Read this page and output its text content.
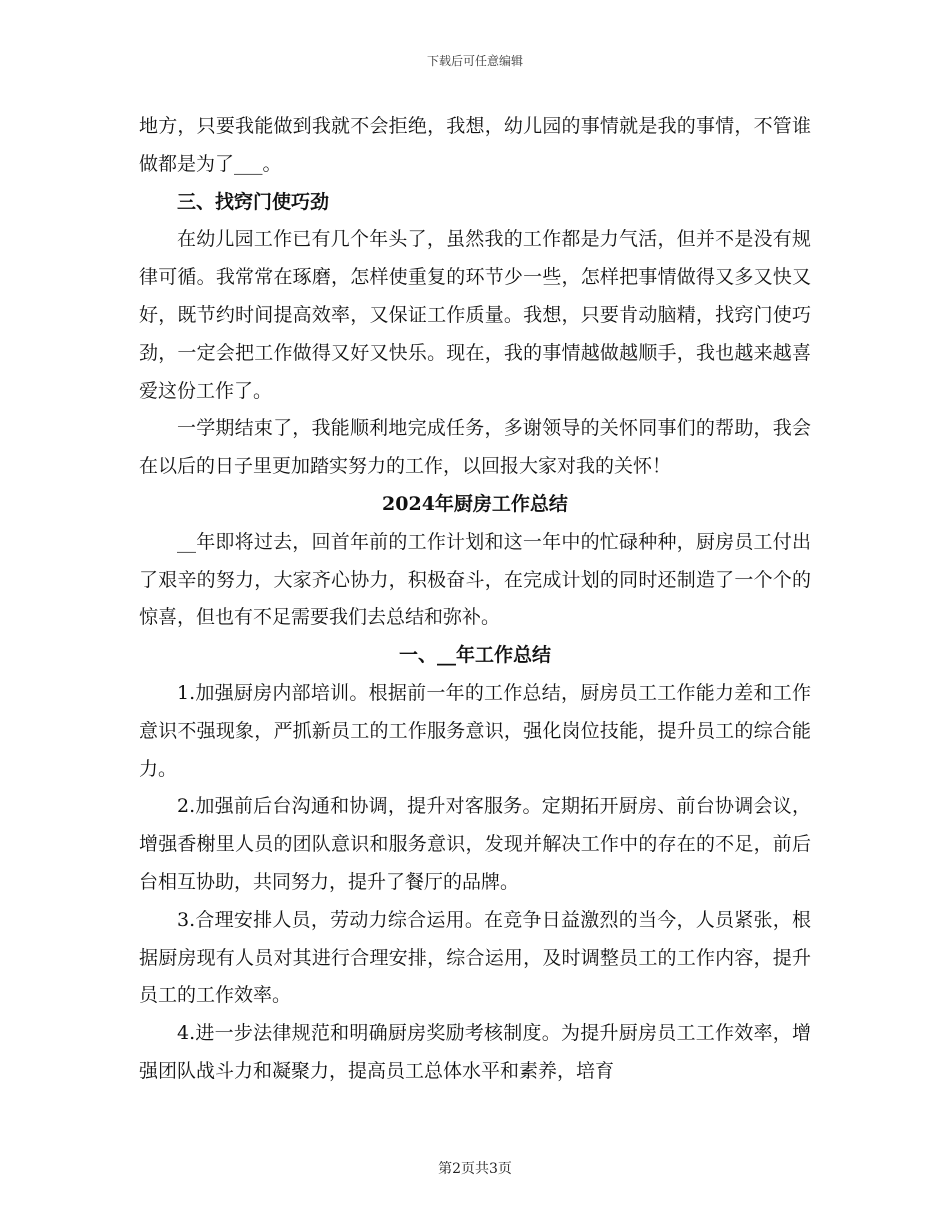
下载后可任意编辑

地方，只要我能做到我就不会拒绝，我想，幼儿园的事情就是我的事情，不管谁做都是为了___。

三、找窍门使巧劲

在幼儿园工作已有几个年头了，虽然我的工作都是力气活，但并不是没有规律可循。我常常在琢磨，怎样使重复的环节少一些，怎样把事情做得又多又快又好，既节约时间提高效率，又保证工作质量。我想，只要肯动脑精，找窍门使巧劲，一定会把工作做得又好又快乐。现在，我的事情越做越顺手，我也越来越喜爱这份工作了。

一学期结束了，我能顺利地完成任务，多谢领导的关怀同事们的帮助，我会在以后的日子里更加踏实努力的工作，以回报大家对我的关怀！

2024年厨房工作总结

__年即将过去，回首年前的工作计划和这一年中的忙碌种种，厨房员工付出了艰辛的努力，大家齐心协力，积极奋斗，在完成计划的同时还制造了一个个的惊喜，但也有不足需要我们去总结和弥补。

一、__年工作总结

1.加强厨房内部培训。根据前一年的工作总结，厨房员工工作能力差和工作意识不强现象，严抓新员工的工作服务意识，强化岗位技能，提升员工的综合能力。

2.加强前后台沟通和协调，提升对客服务。定期拓开厨房、前台协调会议，增强香榭里人员的团队意识和服务意识，发现并解决工作中的存在的不足，前后台相互协助，共同努力，提升了餐厅的品牌。

3.合理安排人员，劳动力综合运用。在竞争日益激烈的当今，人员紧张，根据厨房现有人员对其进行合理安排，综合运用，及时调整员工的工作内容，提升员工的工作效率。

4.进一步法律规范和明确厨房奖励考核制度。为提升厨房员工工作效率，增强团队战斗力和凝聚力，提高员工总体水平和素养，培育

第2页共3页
